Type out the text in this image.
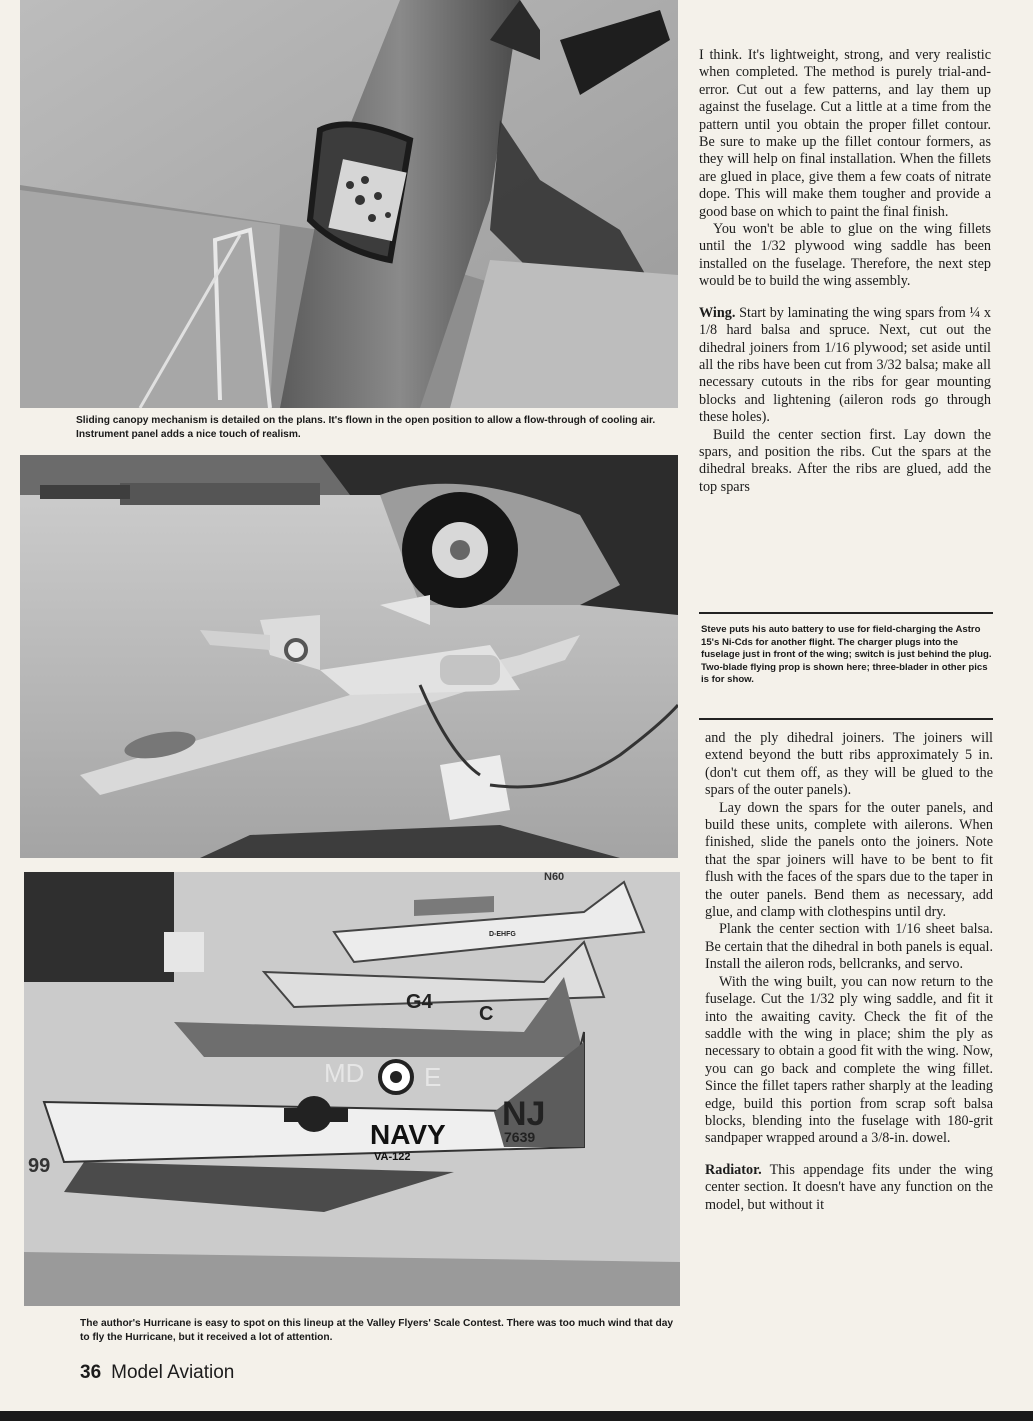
Sliding canopy mechanism is detailed on the plans. It's flown in the open position to allow a flow-through of cooling air. Instrument panel adds a nice touch of realism.

N60
D-EHFG
G4
C
MD E
NJ
7639
99
NAVY
VA-122

The author's Hurricane is easy to spot on this lineup at the Valley Flyers' Scale Contest. There was too much wind that day to fly the Hurricane, but it received a lot of attention.

I think. It's lightweight, strong, and very realistic when completed. The method is purely trial-and-error. Cut out a few patterns, and lay them up against the fuselage. Cut a little at a time from the pattern until you obtain the proper fillet contour. Be sure to make up the fillet contour formers, as they will help on final installation. When the fillets are glued in place, give them a few coats of nitrate dope. This will make them tougher and provide a good base on which to paint the final finish.

You won't be able to glue on the wing fillets until the 1/32 plywood wing saddle has been installed on the fuselage. Therefore, the next step would be to build the wing assembly.

Wing. Start by laminating the wing spars from ¼ x 1/8 hard balsa and spruce. Next, cut out the dihedral joiners from 1/16 plywood; set aside until all the ribs have been cut from 3/32 balsa; make all necessary cutouts in the ribs for gear mounting blocks and lightening (aileron rods go through these holes).

Build the center section first. Lay down the spars, and position the ribs. Cut the spars at the dihedral breaks. After the ribs are glued, add the top spars

Steve puts his auto battery to use for field-charging the Astro 15's Ni-Cds for another flight. The charger plugs into the fuselage just in front of the wing; switch is just behind the plug. Two-blade flying prop is shown here; three-blader in other pics is for show.

and the ply dihedral joiners. The joiners will extend beyond the butt ribs approximately 5 in. (don't cut them off, as they will be glued to the spars of the outer panels).

Lay down the spars for the outer panels, and build these units, complete with ailerons. When finished, slide the panels onto the joiners. Note that the spar joiners will have to be bent to fit flush with the faces of the spars due to the taper in the outer panels. Bend them as necessary, add glue, and clamp with clothespins until dry.

Plank the center section with 1/16 sheet balsa. Be certain that the dihedral in both panels is equal. Install the aileron rods, bellcranks, and servo.

With the wing built, you can now return to the fuselage. Cut the 1/32 ply wing saddle, and fit it into the awaiting cavity. Check the fit of the saddle with the wing in place; shim the ply as necessary to obtain a good fit with the wing. Now, you can go back and complete the wing fillet. Since the fillet tapers rather sharply at the leading edge, build this portion from scrap soft balsa blocks, blending into the fuselage with 180-grit sandpaper wrapped around a 3/8-in. dowel.

Radiator. This appendage fits under the wing center section. It doesn't have any function on the model, but without it

36 Model Aviation
